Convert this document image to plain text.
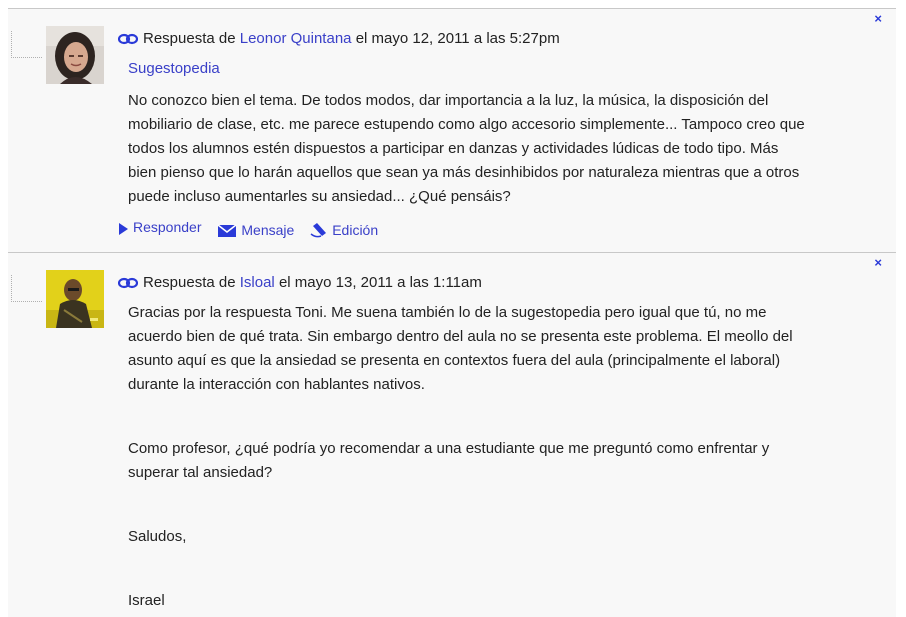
×
Respuesta de Leonor Quintana el mayo 12, 2011 a las 5:27pm
Sugestopedia

No conozco bien el tema. De todos modos, dar importancia a la luz, la música, la disposición del mobiliario de clase, etc. me parece estupendo como algo accesorio simplemente... Tampoco creo que todos los alumnos estén dispuestos a participar en danzas y actividades lúdicas de todo tipo. Más bien pienso que lo harán aquellos que sean ya más desinhibidos por naturaleza mientras que a otros puede incluso aumentarles su ansiedad... ¿Qué pensáis?

Responder	Mensaje	Edición
×
Respuesta de Isloal el mayo 13, 2011 a las 1:11am

Gracias por la respuesta Toni. Me suena también lo de la sugestopedia pero igual que tú, no me acuerdo bien de qué trata. Sin embargo dentro del aula no se presenta este problema. El meollo del asunto aquí es que la ansiedad se presenta en contextos fuera del aula (principalmente el laboral) durante la interacción con hablantes nativos.

Como profesor, ¿qué podría yo recomendar a una estudiante que me preguntó como enfrentar y superar tal ansiedad?

Saludos,

Israel
